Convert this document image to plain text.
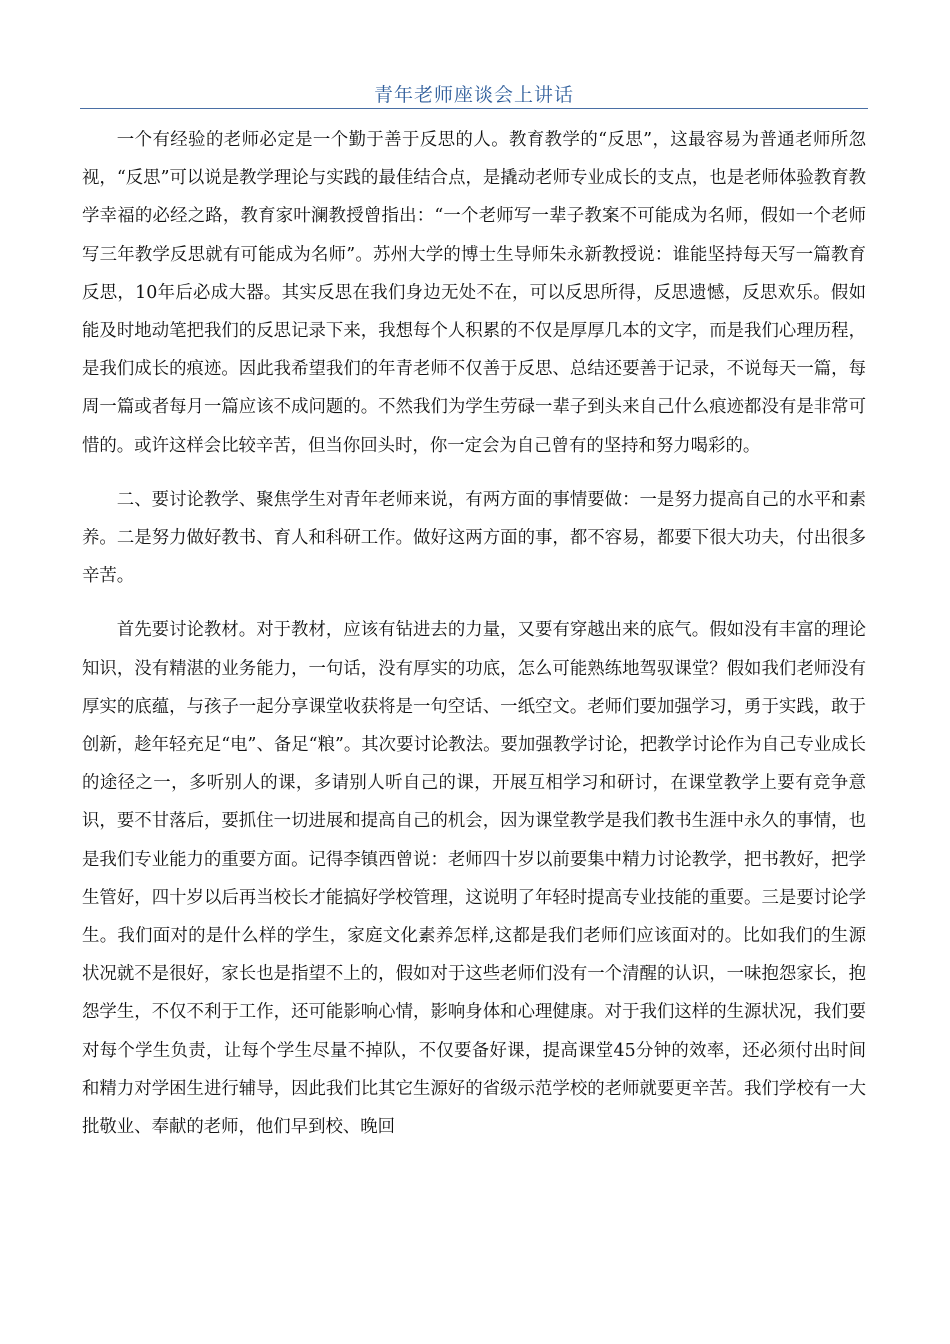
青年老师座谈会上讲话

一个有经验的老师必定是一个勤于善于反思的人。教育教学的“反思”，这最容易为普通老师所忽视，“反思”可以说是教学理论与实践的最佳结合点，是撬动老师专业成长的支点，也是老师体验教育教学幸福的必经之路，教育家叶澜教授曾指出：“一个老师写一辈子教案不可能成为名师，假如一个老师写三年教学反思就有可能成为名师”。苏州大学的博士生导师朱永新教授说：谁能坚持每天写一篇教育反思，10年后必成大器。其实反思在我们身边无处不在，可以反思所得，反思遗憾，反思欢乐。假如能及时地动笔把我们的反思记录下来，我想每个人积累的不仅是厚厚几本的文字，而是我们心理历程，是我们成长的痕迹。因此我希望我们的年青老师不仅善于反思、总结还要善于记录，不说每天一篇，每周一篇或者每月一篇应该不成问题的。不然我们为学生劳碌一辈子到头来自己什么痕迹都没有是非常可惜的。或许这样会比较辛苦，但当你回头时，你一定会为自己曾有的坚持和努力喝彩的。

二、要讨论教学、聚焦学生对青年老师来说，有两方面的事情要做：一是努力提高自己的水平和素养。二是努力做好教书、育人和科研工作。做好这两方面的事，都不容易，都要下很大功夫，付出很多辛苦。

首先要讨论教材。对于教材，应该有钻进去的力量，又要有穿越出来的底气。假如没有丰富的理论知识，没有精湛的业务能力，一句话，没有厚实的功底，怎么可能熟练地驾驭课堂？假如我们老师没有厚实的底蕴，与孩子一起分享课堂收获将是一句空话、一纸空文。老师们要加强学习，勇于实践，敢于创新，趁年轻充足“电”、备足“粮”。其次要讨论教法。要加强教学讨论，把教学讨论作为自己专业成长的途径之一，多听别人的课，多请别人听自己的课，开展互相学习和研讨，在课堂教学上要有竞争意识，要不甘落后，要抓住一切进展和提高自己的机会，因为课堂教学是我们教书生涯中永久的事情，也是我们专业能力的重要方面。记得李镇西曾说：老师四十岁以前要集中精力讨论教学，把书教好，把学生管好，四十岁以后再当校长才能搞好学校管理，这说明了年轻时提高专业技能的重要。三是要讨论学生。我们面对的是什么样的学生，家庭文化素养怎样,这都是我们老师们应该面对的。比如我们的生源状况就不是很好，家长也是指望不上的，假如对于这些老师们没有一个清醒的认识，一味抱怨家长，抱怨学生，不仅不利于工作，还可能影响心情，影响身体和心理健康。对于我们这样的生源状况，我们要对每个学生负责，让每个学生尽量不掉队，不仅要备好课，提高课堂45分钟的效率，还必须付出时间和精力对学困生进行辅导，因此我们比其它生源好的省级示范学校的老师就要更辛苦。我们学校有一大批敬业、奉献的老师，他们早到校、晚回
